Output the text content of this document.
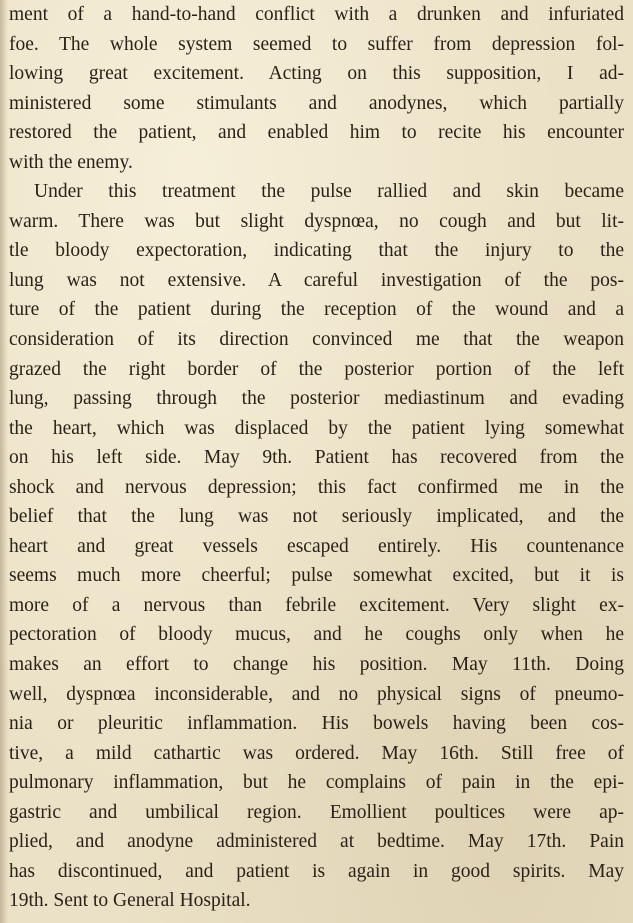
ment of a hand-to-hand conflict with a drunken and infuriated
foe. The whole system seemed to suffer from depression fol-
lowing great excitement. Acting on this supposition, I ad-
ministered some stimulants and anodynes, which partially
restored the patient, and enabled him to recite his encounter
with the enemy.
Under this treatment the pulse rallied and skin became
warm. There was but slight dyspnœa, no cough and but lit-
tle bloody expectoration, indicating that the injury to the
lung was not extensive. A careful investigation of the pos-
ture of the patient during the reception of the wound and a
consideration of its direction convinced me that the weapon
grazed the right border of the posterior portion of the left
lung, passing through the posterior mediastinum and evading
the heart, which was displaced by the patient lying somewhat
on his left side. May 9th. Patient has recovered from the
shock and nervous depression; this fact confirmed me in the
belief that the lung was not seriously implicated, and the
heart and great vessels escaped entirely. His countenance
seems much more cheerful; pulse somewhat excited, but it is
more of a nervous than febrile excitement. Very slight ex-
pectoration of bloody mucus, and he coughs only when he
makes an effort to change his position. May 11th. Doing
well, dyspnœa inconsiderable, and no physical signs of pneumo-
nia or pleuritic inflammation. His bowels having been cos-
tive, a mild cathartic was ordered. May 16th. Still free of
pulmonary inflammation, but he complains of pain in the epi-
gastric and umbilical region. Emollient poultices were ap-
plied, and anodyne administered at bedtime. May 17th. Pain
has discontinued, and patient is again in good spirits. May
19th. Sent to General Hospital.
